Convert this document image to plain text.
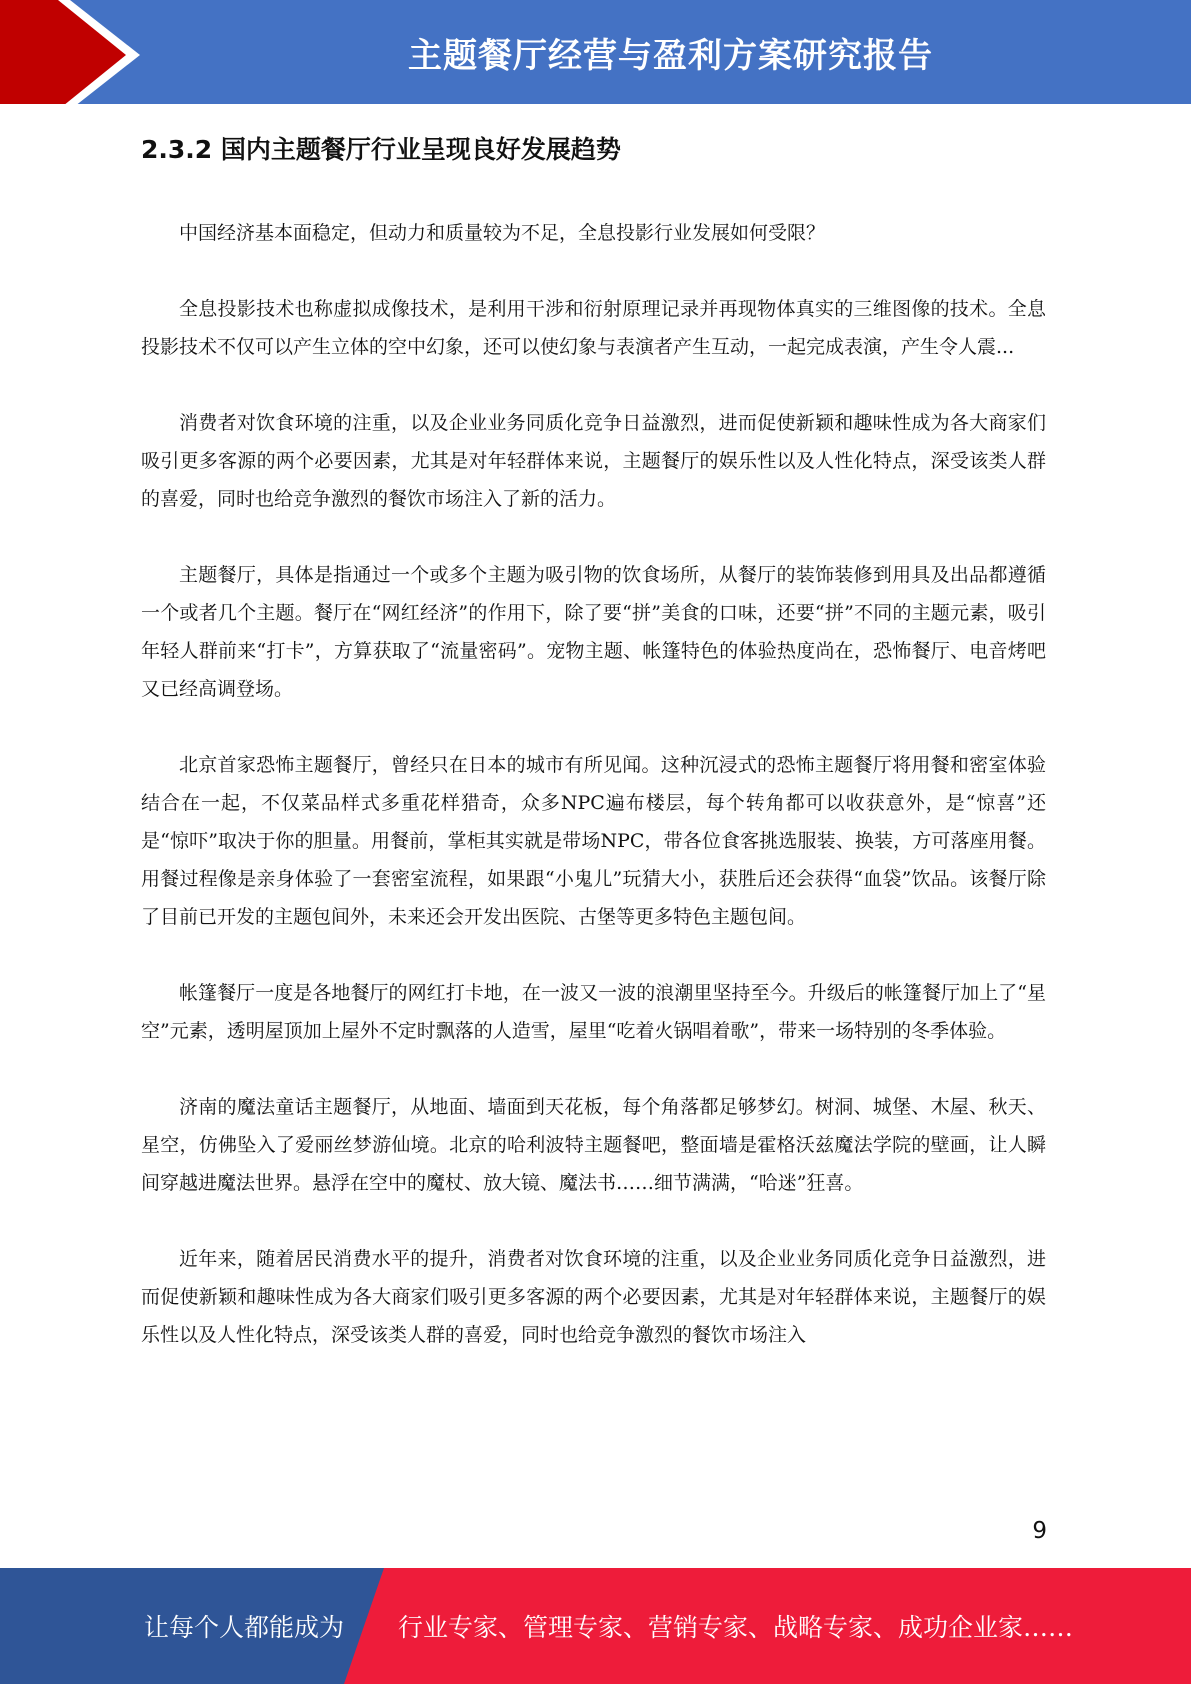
主题餐厅经营与盈利方案研究报告
2.3.2 国内主题餐厅行业呈现良好发展趋势

中国经济基本面稳定，但动力和质量较为不足，全息投影行业发展如何受限？

全息投影技术也称虚拟成像技术，是利用干涉和衍射原理记录并再现物体真实的三维图像的技术。全息投影技术不仅可以产生立体的空中幻象，还可以使幻象与表演者产生互动，一起完成表演，产生令人震...

消费者对饮食环境的注重，以及企业业务同质化竞争日益激烈，进而促使新颖和趣味性成为各大商家们吸引更多客源的两个必要因素，尤其是对年轻群体来说，主题餐厅的娱乐性以及人性化特点，深受该类人群的喜爱，同时也给竞争激烈的餐饮市场注入了新的活力。

主题餐厅，具体是指通过一个或多个主题为吸引物的饮食场所，从餐厅的装饰装修到用具及出品都遵循一个或者几个主题。餐厅在“网红经济”的作用下，除了要“拼”美食的口味，还要“拼”不同的主题元素，吸引年轻人群前来“打卡”，方算获取了“流量密码”。宠物主题、帐篷特色的体验热度尚在，恐怖餐厅、电音烤吧又已经高调登场。

北京首家恐怖主题餐厅，曾经只在日本的城市有所见闻。这种沉浸式的恐怖主题餐厅将用餐和密室体验结合在一起，不仅菜品样式多重花样猎奇，众多NPC遍布楼层，每个转角都可以收获意外，是“惊喜”还是“惊吓”取决于你的胆量。用餐前，掌柜其实就是带场NPC，带各位食客挑选服装、换装，方可落座用餐。用餐过程像是亲身体验了一套密室流程，如果跟“小鬼儿”玩猜大小，获胜后还会获得“血袋”饮品。该餐厅除了目前已开发的主题包间外，未来还会开发出医院、古堡等更多特色主题包间。

帐篷餐厅一度是各地餐厅的网红打卡地，在一波又一波的浪潮里坚持至今。升级后的帐篷餐厅加上了“星空”元素，透明屋顶加上屋外不定时飘落的人造雪，屋里“吃着火锅唱着歌”，带来一场特别的冬季体验。

济南的魔法童话主题餐厅，从地面、墙面到天花板，每个角落都足够梦幻。树洞、城堡、木屋、秋天、星空，仿佛坠入了爱丽丝梦游仙境。北京的哈利波特主题餐吧，整面墙是霍格沃兹魔法学院的壁画，让人瞬间穿越进魔法世界。悬浮在空中的魔杖、放大镜、魔法书……细节满满，“哈迷”狂喜。

近年来，随着居民消费水平的提升，消费者对饮食环境的注重，以及企业业务同质化竞争日益激烈，进而促使新颖和趣味性成为各大商家们吸引更多客源的两个必要因素，尤其是对年轻群体来说，主题餐厅的娱乐性以及人性化特点，深受该类人群的喜爱，同时也给竞争激烈的餐饮市场注入

9
让每个人都能成为 行业专家、管理专家、营销专家、战略专家、成功企业家……
